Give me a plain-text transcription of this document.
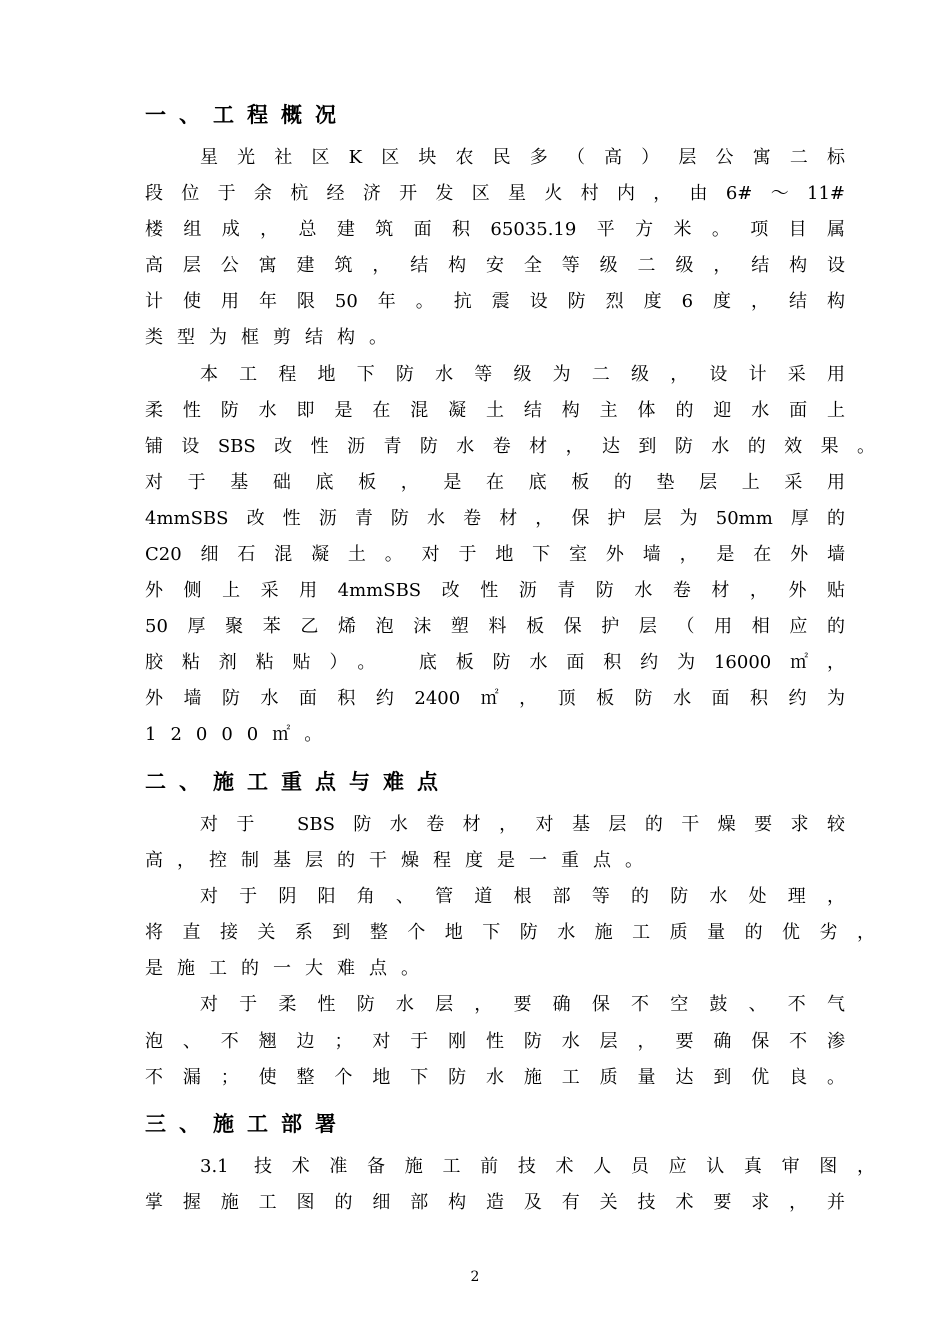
一、工程概况
星光社区K区块农民多（高）层公寓二标
段位于余杭经济开发区星火村内，由6#～11#
楼组成，总建筑面积65035.19平方米。项目属
高层公寓建筑，结构安全等级二级，结构设
计使用年限50年。抗震设防烈度6度，结构
类型为框剪结构。
本工程地下防水等级为二级，设计采用
柔性防水即是在混凝土结构主体的迎水面上
铺设SBS改性沥青防水卷材，达到防水的效果。
对于基础底板，是在底板的垫层上采用
4mmSBS改性沥青防水卷材，保护层为50mm厚的
C20细石混凝土。对于地下室外墙，是在外墙
外侧上采用4mmSBS改性沥青防水卷材，外贴
50厚聚苯乙烯泡沫塑料板保护层（用相应的
胶粘剂粘贴）。 底板防水面积约为16000㎡，
外墙防水面积约2400㎡，顶板防水面积约为
12000㎡。
二、施工重点与难点
对于 SBS防水卷材，对基层的干燥要求较
高，控制基层的干燥程度是一重点。
对于阴阳角、管道根部等的防水处理，
将直接关系到整个地下防水施工质量的优劣，
是施工的一大难点。
对于柔性防水层，要确保不空鼓、不气
泡、不翘边；对于刚性防水层，要确保不渗
不漏；使整个地下防水施工质量达到优良。
三、施工部署
3.1 技术准备施工前技术人员应认真审图，
掌握施工图的细部构造及有关技术要求，并
2
